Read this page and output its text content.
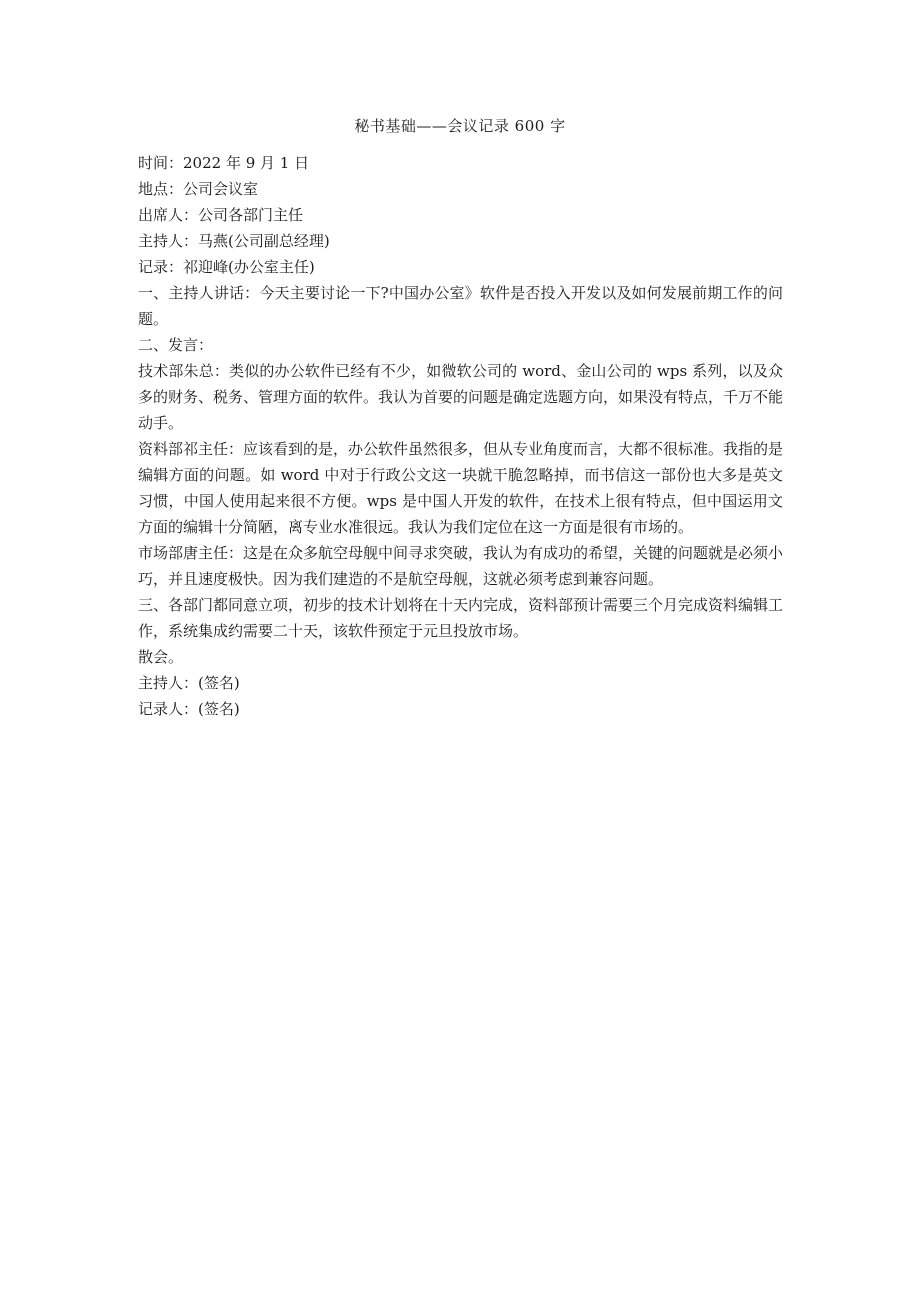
秘书基础——会议记录 600 字

时间：2022 年 9 月 1 日

地点：公司会议室

出席人：公司各部门主任

主持人：马燕(公司副总经理)

记录：祁迎峰(办公室主任)

一、主持人讲话：今天主要讨论一下?中国办公室》软件是否投入开发以及如何发展前期工作的问题。

二、发言：

技术部朱总：类似的办公软件已经有不少，如微软公司的 word、金山公司的 wps 系列，以及众多的财务、税务、管理方面的软件。我认为首要的问题是确定选题方向，如果没有特点，千万不能动手。

资料部祁主任：应该看到的是，办公软件虽然很多，但从专业角度而言，大都不很标准。我指的是编辑方面的问题。如 word 中对于行政公文这一块就干脆忽略掉，而书信这一部份也大多是英文习惯，中国人使用起来很不方便。wps 是中国人开发的软件，在技术上很有特点，但中国运用文方面的编辑十分简陋，离专业水准很远。我认为我们定位在这一方面是很有市场的。

市场部唐主任：这是在众多航空母舰中间寻求突破，我认为有成功的希望，关键的问题就是必须小巧，并且速度极快。因为我们建造的不是航空母舰，这就必须考虑到兼容问题。

三、各部门都同意立项，初步的技术计划将在十天内完成，资料部预计需要三个月完成资料编辑工作，系统集成约需要二十天，该软件预定于元旦投放市场。

散会。

主持人：(签名)

记录人：(签名)
